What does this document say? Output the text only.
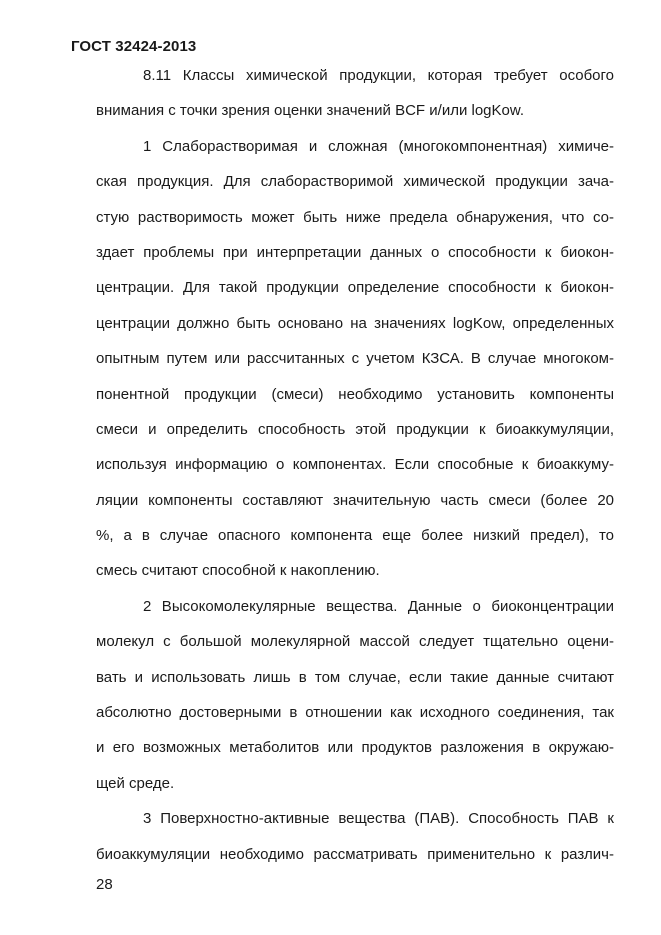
ГОСТ 32424-2013
8.11 Классы химической продукции, которая требует особого
внимания с точки зрения оценки значений BCF и/или logKow.
1 Слаборастворимая и сложная (многокомпонентная) химиче-
ская продукция. Для слаборастворимой химической продукции зача-
стую растворимость может быть ниже предела обнаружения, что со-
здает проблемы при интерпретации данных о способности к биокон-
центрации. Для такой продукции определение способности к биокон-
центрации должно быть основано на значениях logKow, определенных
опытным путем или рассчитанных с учетом КЗСА. В случае многоком-
понентной продукции (смеси) необходимо установить компоненты
смеси и определить способность этой продукции к биоаккумуляции,
используя информацию о компонентах. Если способные к биоаккуму-
ляции компоненты составляют значительную часть смеси (более 20
%, а в случае опасного компонента еще более низкий предел), то
смесь считают способной к накоплению.
2 Высокомолекулярные вещества. Данные о биоконцентрации
молекул с большой молекулярной массой следует тщательно оцени-
вать и использовать лишь в том случае, если такие данные считают
абсолютно достоверными в отношении как исходного соединения, так
и его возможных метаболитов или продуктов разложения в окружаю-
щей среде.
3 Поверхностно-активные вещества (ПАВ). Способность ПАВ к
биоаккумуляции необходимо рассматривать применительно к различ-
28
